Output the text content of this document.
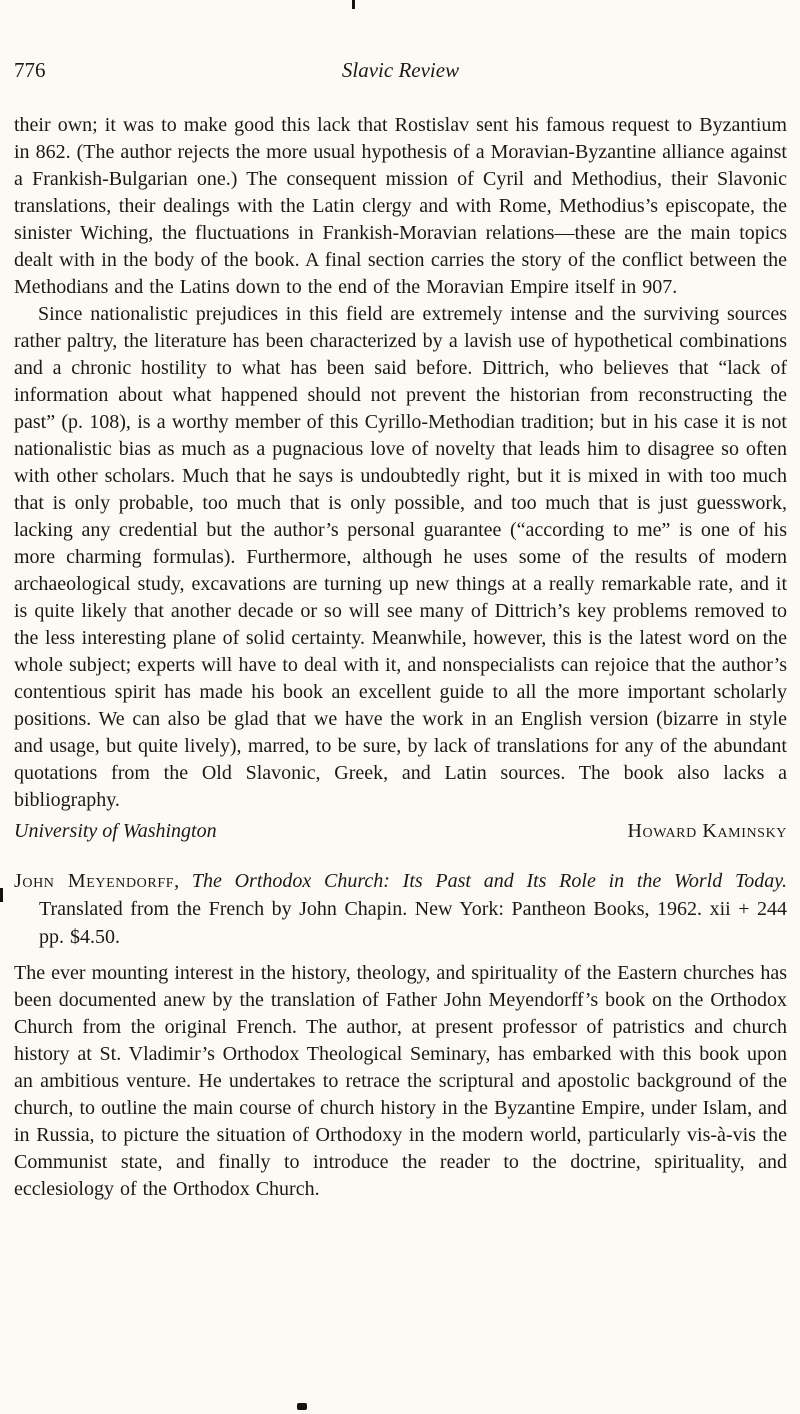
776	Slavic Review

their own; it was to make good this lack that Rostislav sent his famous request to Byzantium in 862. (The author rejects the more usual hypothesis of a Moravian-Byzantine alliance against a Frankish-Bulgarian one.) The consequent mission of Cyril and Methodius, their Slavonic translations, their dealings with the Latin clergy and with Rome, Methodius’s episcopate, the sinister Wiching, the fluctuations in Frankish-Moravian relations—these are the main topics dealt with in the body of the book. A final section carries the story of the conflict between the Methodians and the Latins down to the end of the Moravian Empire itself in 907.

Since nationalistic prejudices in this field are extremely intense and the surviving sources rather paltry, the literature has been characterized by a lavish use of hypothetical combinations and a chronic hostility to what has been said before. Dittrich, who believes that “lack of information about what happened should not prevent the historian from reconstructing the past” (p. 108), is a worthy member of this Cyrillo-Methodian tradition; but in his case it is not nationalistic bias as much as a pugnacious love of novelty that leads him to disagree so often with other scholars. Much that he says is undoubtedly right, but it is mixed in with too much that is only probable, too much that is only possible, and too much that is just guesswork, lacking any credential but the author’s personal guarantee (“according to me” is one of his more charming formulas). Furthermore, although he uses some of the results of modern archaeological study, excavations are turning up new things at a really remarkable rate, and it is quite likely that another decade or so will see many of Dittrich’s key problems removed to the less interesting plane of solid certainty. Meanwhile, however, this is the latest word on the whole subject; experts will have to deal with it, and nonspecialists can rejoice that the author’s contentious spirit has made his book an excellent guide to all the more important scholarly positions. We can also be glad that we have the work in an English version (bizarre in style and usage, but quite lively), marred, to be sure, by lack of translations for any of the abundant quotations from the Old Slavonic, Greek, and Latin sources. The book also lacks a bibliography.

University of Washington	Howard Kaminsky
John Meyendorff, The Orthodox Church: Its Past and Its Role in the World Today. Translated from the French by John Chapin. New York: Pantheon Books, 1962. xii + 244 pp. $4.50.

The ever mounting interest in the history, theology, and spirituality of the Eastern churches has been documented anew by the translation of Father John Meyendorff’s book on the Orthodox Church from the original French. The author, at present professor of patristics and church history at St. Vladimir’s Orthodox Theological Seminary, has embarked with this book upon an ambitious venture. He undertakes to retrace the scriptural and apostolic background of the church, to outline the main course of church history in the Byzantine Empire, under Islam, and in Russia, to picture the situation of Orthodoxy in the modern world, particularly vis-à-vis the Communist state, and finally to introduce the reader to the doctrine, spirituality, and ecclesiology of the Orthodox Church.
